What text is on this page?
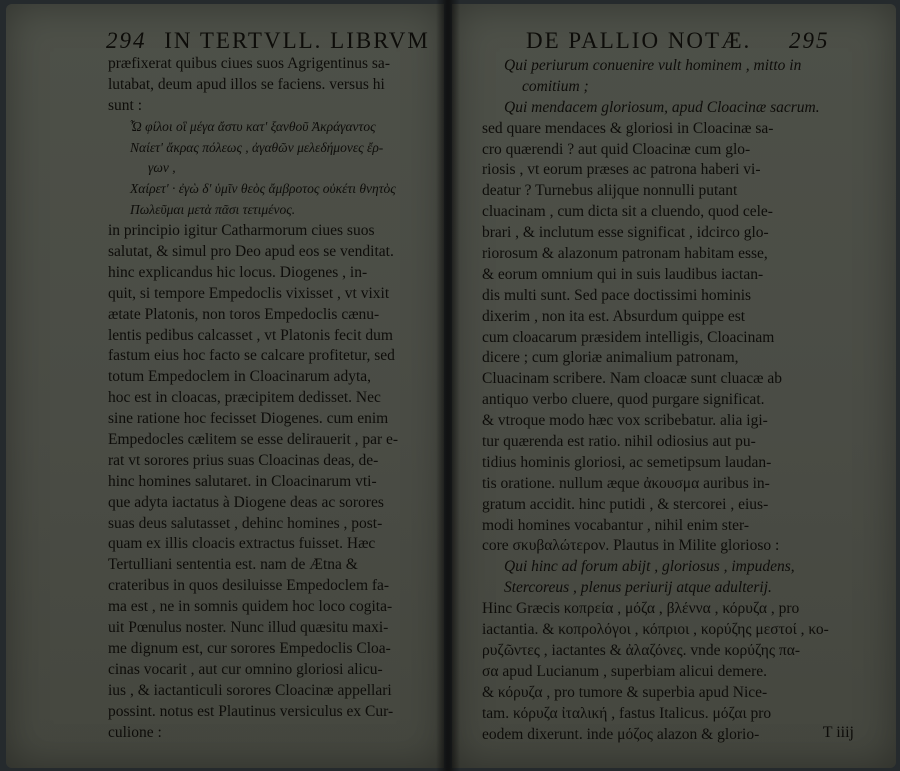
294 IN TERTVLL. LIBRVM
præfixerat quibus ciues suos Agrigentinus sa-
lutabat, deum apud illos se faciens. versus hi
sunt :
Ὦ φίλοι οἳ μέγα ἄστυ κατ' ξανθοῦ Ἀκράγαντος
Ναίετ' ἄκρας πόλεως , ἀγαθῶν μελεδήμονες ἔρ-
γων ,
Χαίρετ' · ἐγὼ δ' ὑμῖν θεὸς ἄμβροτος οὐκέτι θνητὸς
Πωλεῦμαι μετὰ πᾶσι τετιμένος.
in principio igitur Catharmorum ciues suos
salutat, & simul pro Deo apud eos se venditat.
hinc explicandus hic locus. Diogenes , in-
quit, si tempore Empedoclis vixisset , vt vixit
ætate Platonis, non toros Empedoclis cænu-
lentis pedibus calcasset , vt Platonis fecit dum
fastum eius hoc facto se calcare profitetur, sed
totum Empedoclem in Cloacinarum adyta,
hoc est in cloacas, præcipitem dedisset. Nec
sine ratione hoc fecisset Diogenes. cum enim
Empedocles cælitem se esse delirauerit , par e-
rat vt sorores prius suas Cloacinas deas, de-
hinc homines salutaret. in Cloacinarum vti-
que adyta iactatus à Diogene deas ac sorores
suas deus salutasset , dehinc homines , post-
quam ex illis cloacis extractus fuisset. Hæc
Tertulliani sententia est. nam de Ætna &
crateribus in quos desiluisse Empedoclem fa-
ma est , ne in somnis quidem hoc loco cogita-
uit Pœnulus noster. Nunc illud quæsitu maxi-
me dignum est, cur sorores Empedoclis Cloa-
cinas vocarit , aut cur omnino gloriosi alicu-
ius , & iactanticuli sorores Cloacinæ appellari
possint. notus est Plautinus versiculus ex Cur-
culione :
DE PALLIO NOTÆ. 295
Qui periurum conuenire vult hominem , mitto in
comitium ;
Qui mendacem gloriosum, apud Cloacinæ sacrum.
sed quare mendaces & gloriosi in Cloacinæ sa-
cro quærendi ? aut quid Cloacinæ cum glo-
riosis , vt eorum præses ac patrona haberi vi-
deatur ? Turnebus alijque nonnulli putant
cluacinam , cum dicta sit a cluendo, quod cele-
brari , & inclutum esse significat , idcirco glo-
riorosum & alazonum patronam habitam esse,
& eorum omnium qui in suis laudibus iactan-
dis multi sunt. Sed pace doctissimi hominis
dixerim , non ita est. Absurdum quippe est
cum cloacarum præsidem intelligis, Cloacinam
dicere ; cum gloriæ animalium patronam,
Cluacinam scribere. Nam cloacæ sunt cluacæ ab
antiquo verbo cluere, quod purgare significat.
& vtroque modo hæc vox scribebatur. alia igi-
tur quærenda est ratio. nihil odiosius aut pu-
tidius hominis gloriosi, ac semetipsum laudan-
tis oratione. nullum æque ἀκουσμα auribus in-
gratum accidit. hinc putidi , & stercorei , eius-
modi homines vocabantur , nihil enim ster-
core σκυβαλώτερον. Plautus in Milite glorioso :
Qui hinc ad forum abijt , gloriosus , impudens,
Stercoreus , plenus periurij atque adulterij.
Hinc Græcis κοπρεία , μόζα , βλέννα , κόρυζα , pro
iactantia. & κοπρολόγοι , κόπριοι , κορύζης μεστοί , κο-
ρυζῶντες , iactantes & ἀλαζόνες. vnde κορύζης πα-
σα apud Lucianum , superbiam alicui demere.
& κόρυζα , pro tumore & superbia apud Nice-
tam. κόρυζα ἰταλική , fastus Italicus. μόζαι pro
eodem dixerunt. inde μόζος alazon & glorio-	T iiij
